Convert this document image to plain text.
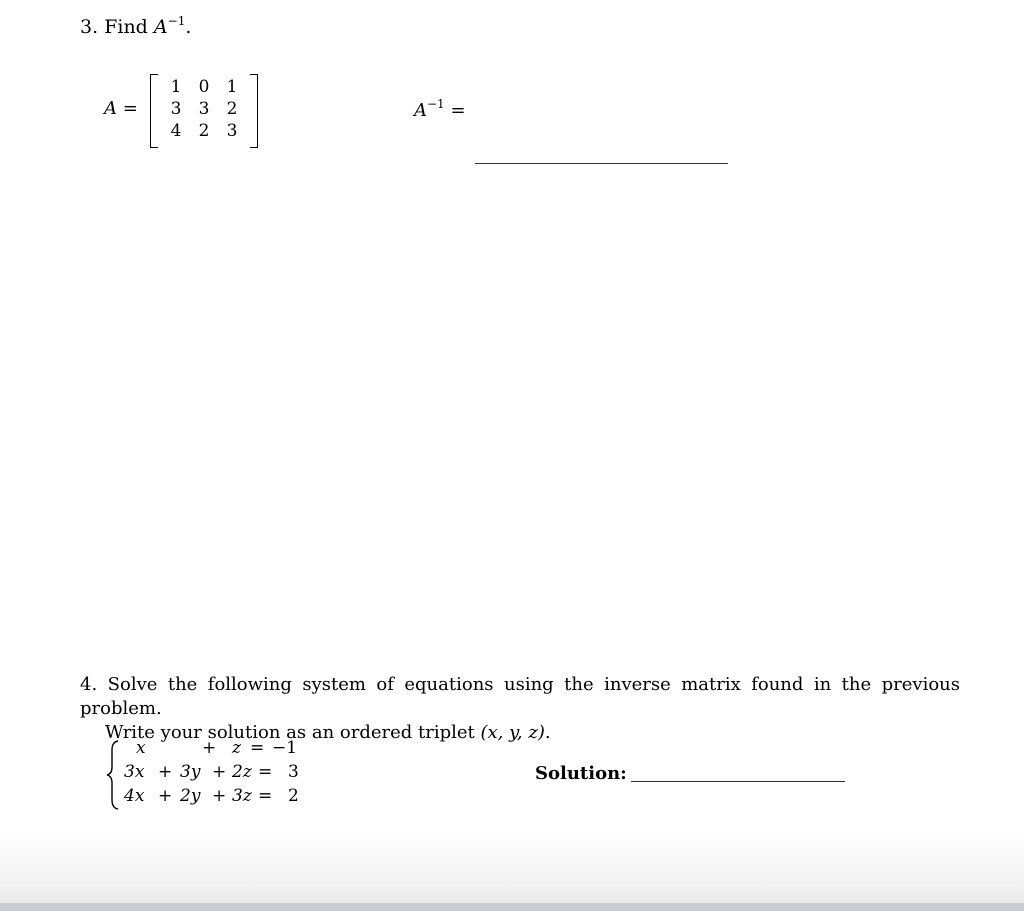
3. Find $A^{-1}$.
A =
1	0	1
3	3	2
4	2	3
$A^{-1}$ =
4. Solve the following system of equations using the inverse matrix found in the previous problem.
Write your solution as an ordered triplet (x, y, z).
x	+ z = −1
3x + 3y + 2z = 3
4x + 2y + 3z = 2
Solution:
